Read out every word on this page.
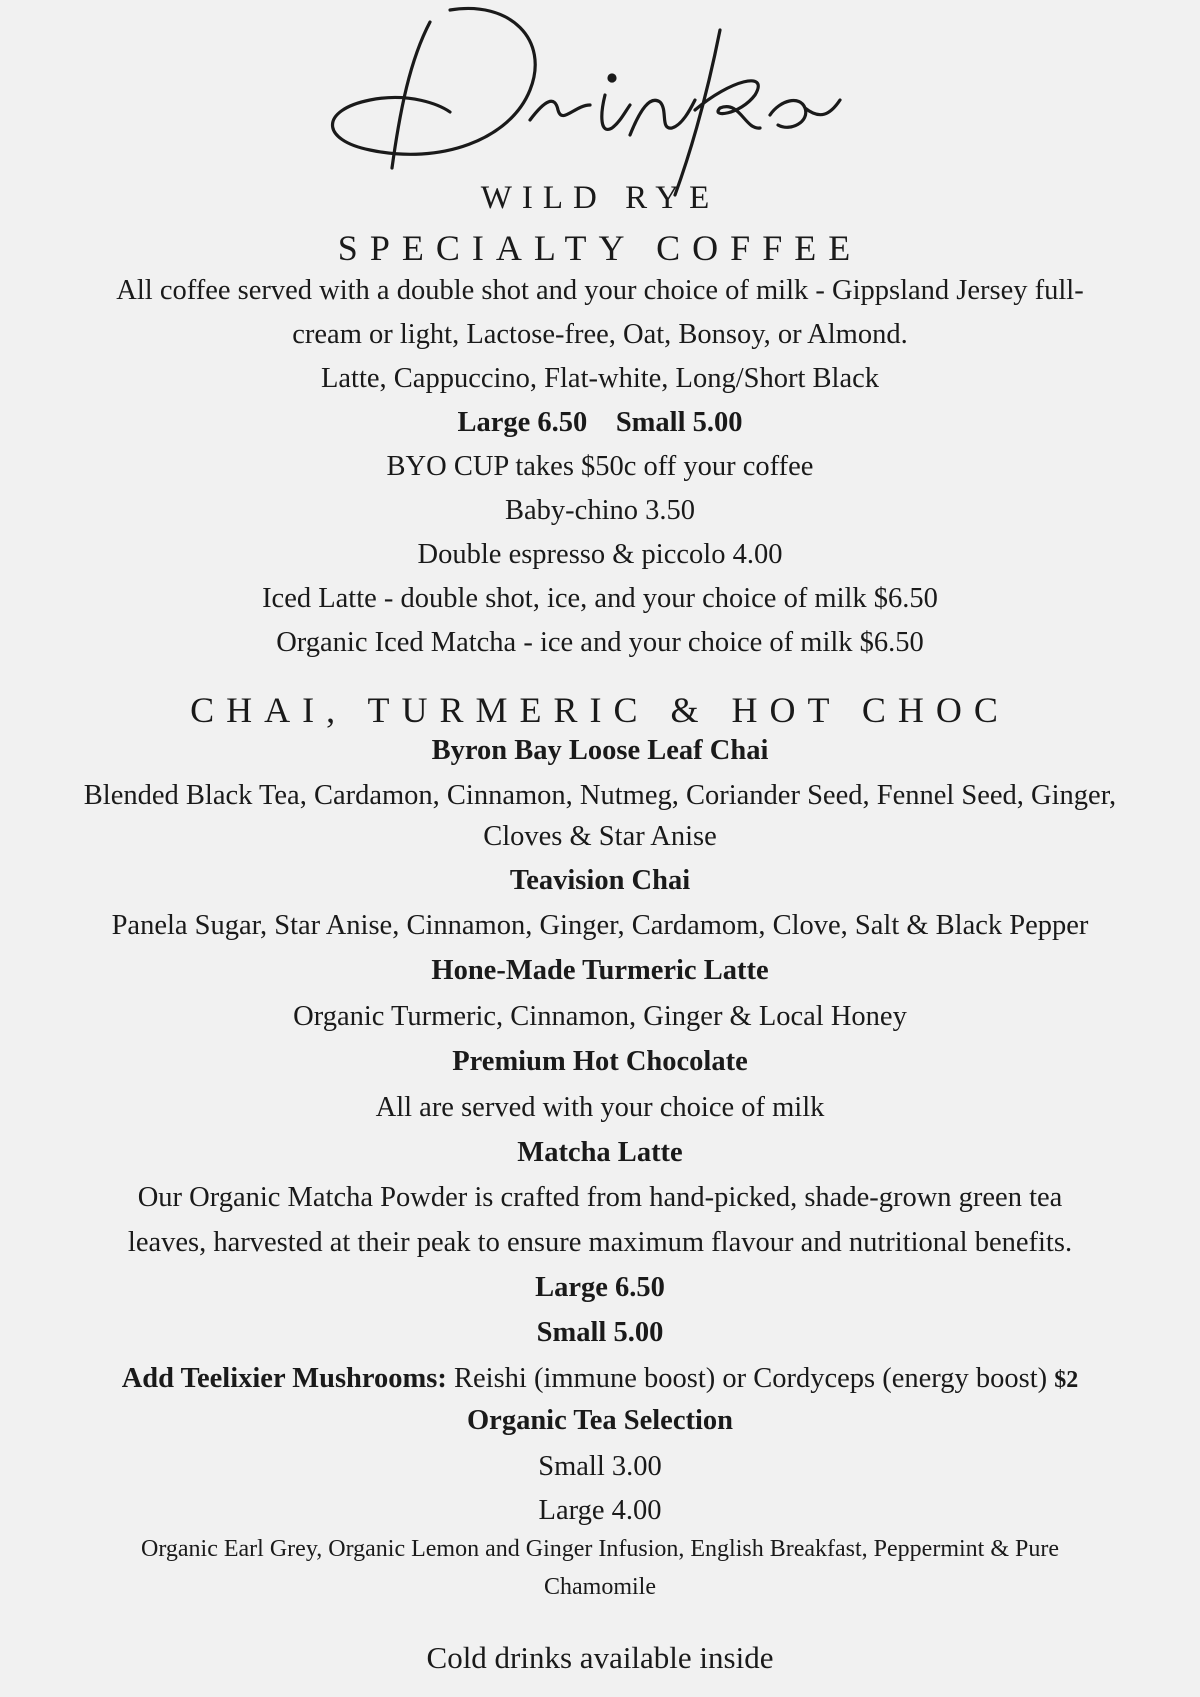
WILD RYE
SPECIALTY COFFEE
All coffee served with a double shot and your choice of milk - Gippsland Jersey full-
cream or light, Lactose-free, Oat, Bonsoy, or Almond.
Latte, Cappuccino, Flat-white, Long/Short Black
Large 6.50 Small 5.00
BYO CUP takes $50c off your coffee
Baby-chino 3.50
Double espresso & piccolo 4.00
Iced Latte - double shot, ice, and your choice of milk $6.50
Organic Iced Matcha - ice and your choice of milk $6.50
CHAI, TURMERIC & HOT CHOC
Byron Bay Loose Leaf Chai
Blended Black Tea, Cardamon, Cinnamon, Nutmeg, Coriander Seed, Fennel Seed, Ginger,
Cloves & Star Anise
Teavision Chai
Panela Sugar, Star Anise, Cinnamon, Ginger, Cardamom, Clove, Salt & Black Pepper
Hone-Made Turmeric Latte
Organic Turmeric, Cinnamon, Ginger & Local Honey
Premium Hot Chocolate
All are served with your choice of milk
Matcha Latte
Our Organic Matcha Powder is crafted from hand-picked, shade-grown green tea
leaves, harvested at their peak to ensure maximum flavour and nutritional benefits.
Large 6.50
Small 5.00
Add Teelixier Mushrooms: Reishi (immune boost) or Cordyceps (energy boost) $2
Organic Tea Selection
Small 3.00
Large 4.00
Organic Earl Grey, Organic Lemon and Ginger Infusion, English Breakfast, Peppermint & Pure
Chamomile
Cold drinks available inside
